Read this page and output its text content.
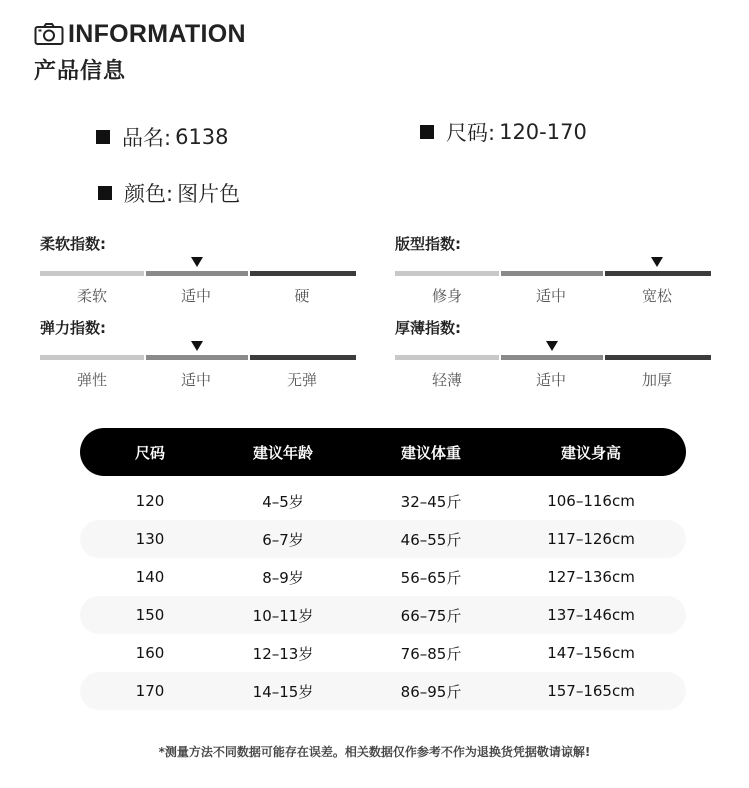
INFORMATION
产品信息
品名: 6138	尺码: 120-170
颜色: 图片色
柔软指数:
柔软	适中	硬
版型指数:
修身	适中	宽松
弹力指数:
弹性	适中	无弹
厚薄指数:
轻薄	适中	加厚
尺码	建议年龄	建议体重	建议身高
120	4–5岁	32–45斤	106–116cm
130	6–7岁	46–55斤	117–126cm
140	8–9岁	56–65斤	127–136cm
150	10–11岁	66–75斤	137–146cm
160	12–13岁	76–85斤	147–156cm
170	14–15岁	86–95斤	157–165cm
*测量方法不同数据可能存在误差。相关数据仅作参考不作为退换货凭据敬请谅解!
